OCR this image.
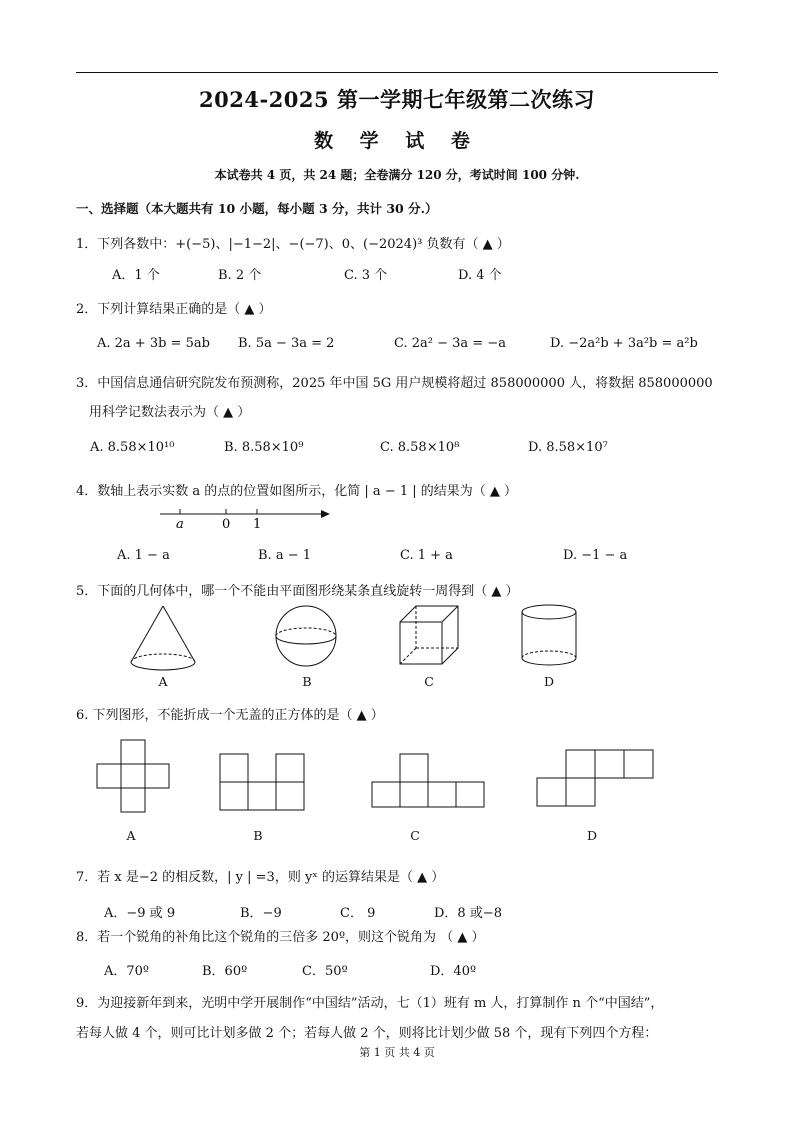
2024-2025 第一学期七年级第二次练习
数 学 试 卷
本试卷共 4 页，共 24 题；全卷满分 120 分，考试时间 100 分钟.
一、选择题（本大题共有 10 小题，每小题 3 分，共计 30 分.）
1．下列各数中：+(−5)、|−1−2|、−(−7)、0、(−2024)³ 负数有（ ▲ ）
A．1 个	B. 2 个	C. 3 个	D. 4 个
2．下列计算结果正确的是（ ▲ ）
A. 2a + 3b = 5ab B. 5a − 3a = 2	C. 2a² − 3a = −a	D. −2a²b + 3a²b = a²b
3．中国信息通信研究院发布预测称，2025 年中国 5G 用户规模将超过 858000000 人，将数据 858000000
用科学记数法表示为（ ▲ ）
A. 8.58×10¹⁰	B. 8.58×10⁹	C. 8.58×10⁸	D. 8.58×10⁷
4．数轴上表示实数 a 的点的位置如图所示，化简 | a − 1 | 的结果为（ ▲ ）
a	0 1
A. 1 − a	B. a − 1	C. 1 + a	D. −1 − a
5．下面的几何体中，哪一个不能由平面图形绕某条直线旋转一周得到（ ▲ ）
A	B	C	D
6. 下列图形，不能折成一个无盖的正方体的是（ ▲ ）
A	B	C	D
7．若 x 是−2 的相反数，| y | =3，则 yˣ 的运算结果是（ ▲ ）
A．−9 或 9	B．−9	C． 9	D．8 或−8
8．若一个锐角的补角比这个锐角的三倍多 20º，则这个锐角为 （ ▲ ）
A．70º	B．60º	C．50º	D．40º
9．为迎接新年到来，光明中学开展制作“中国结”活动，七（1）班有 m 人，打算制作 n 个“中国结”，
若每人做 4 个，则可比计划多做 2 个；若每人做 2 个，则将比计划少做 58 个，现有下列四个方程：
第 1 页 共 4 页
